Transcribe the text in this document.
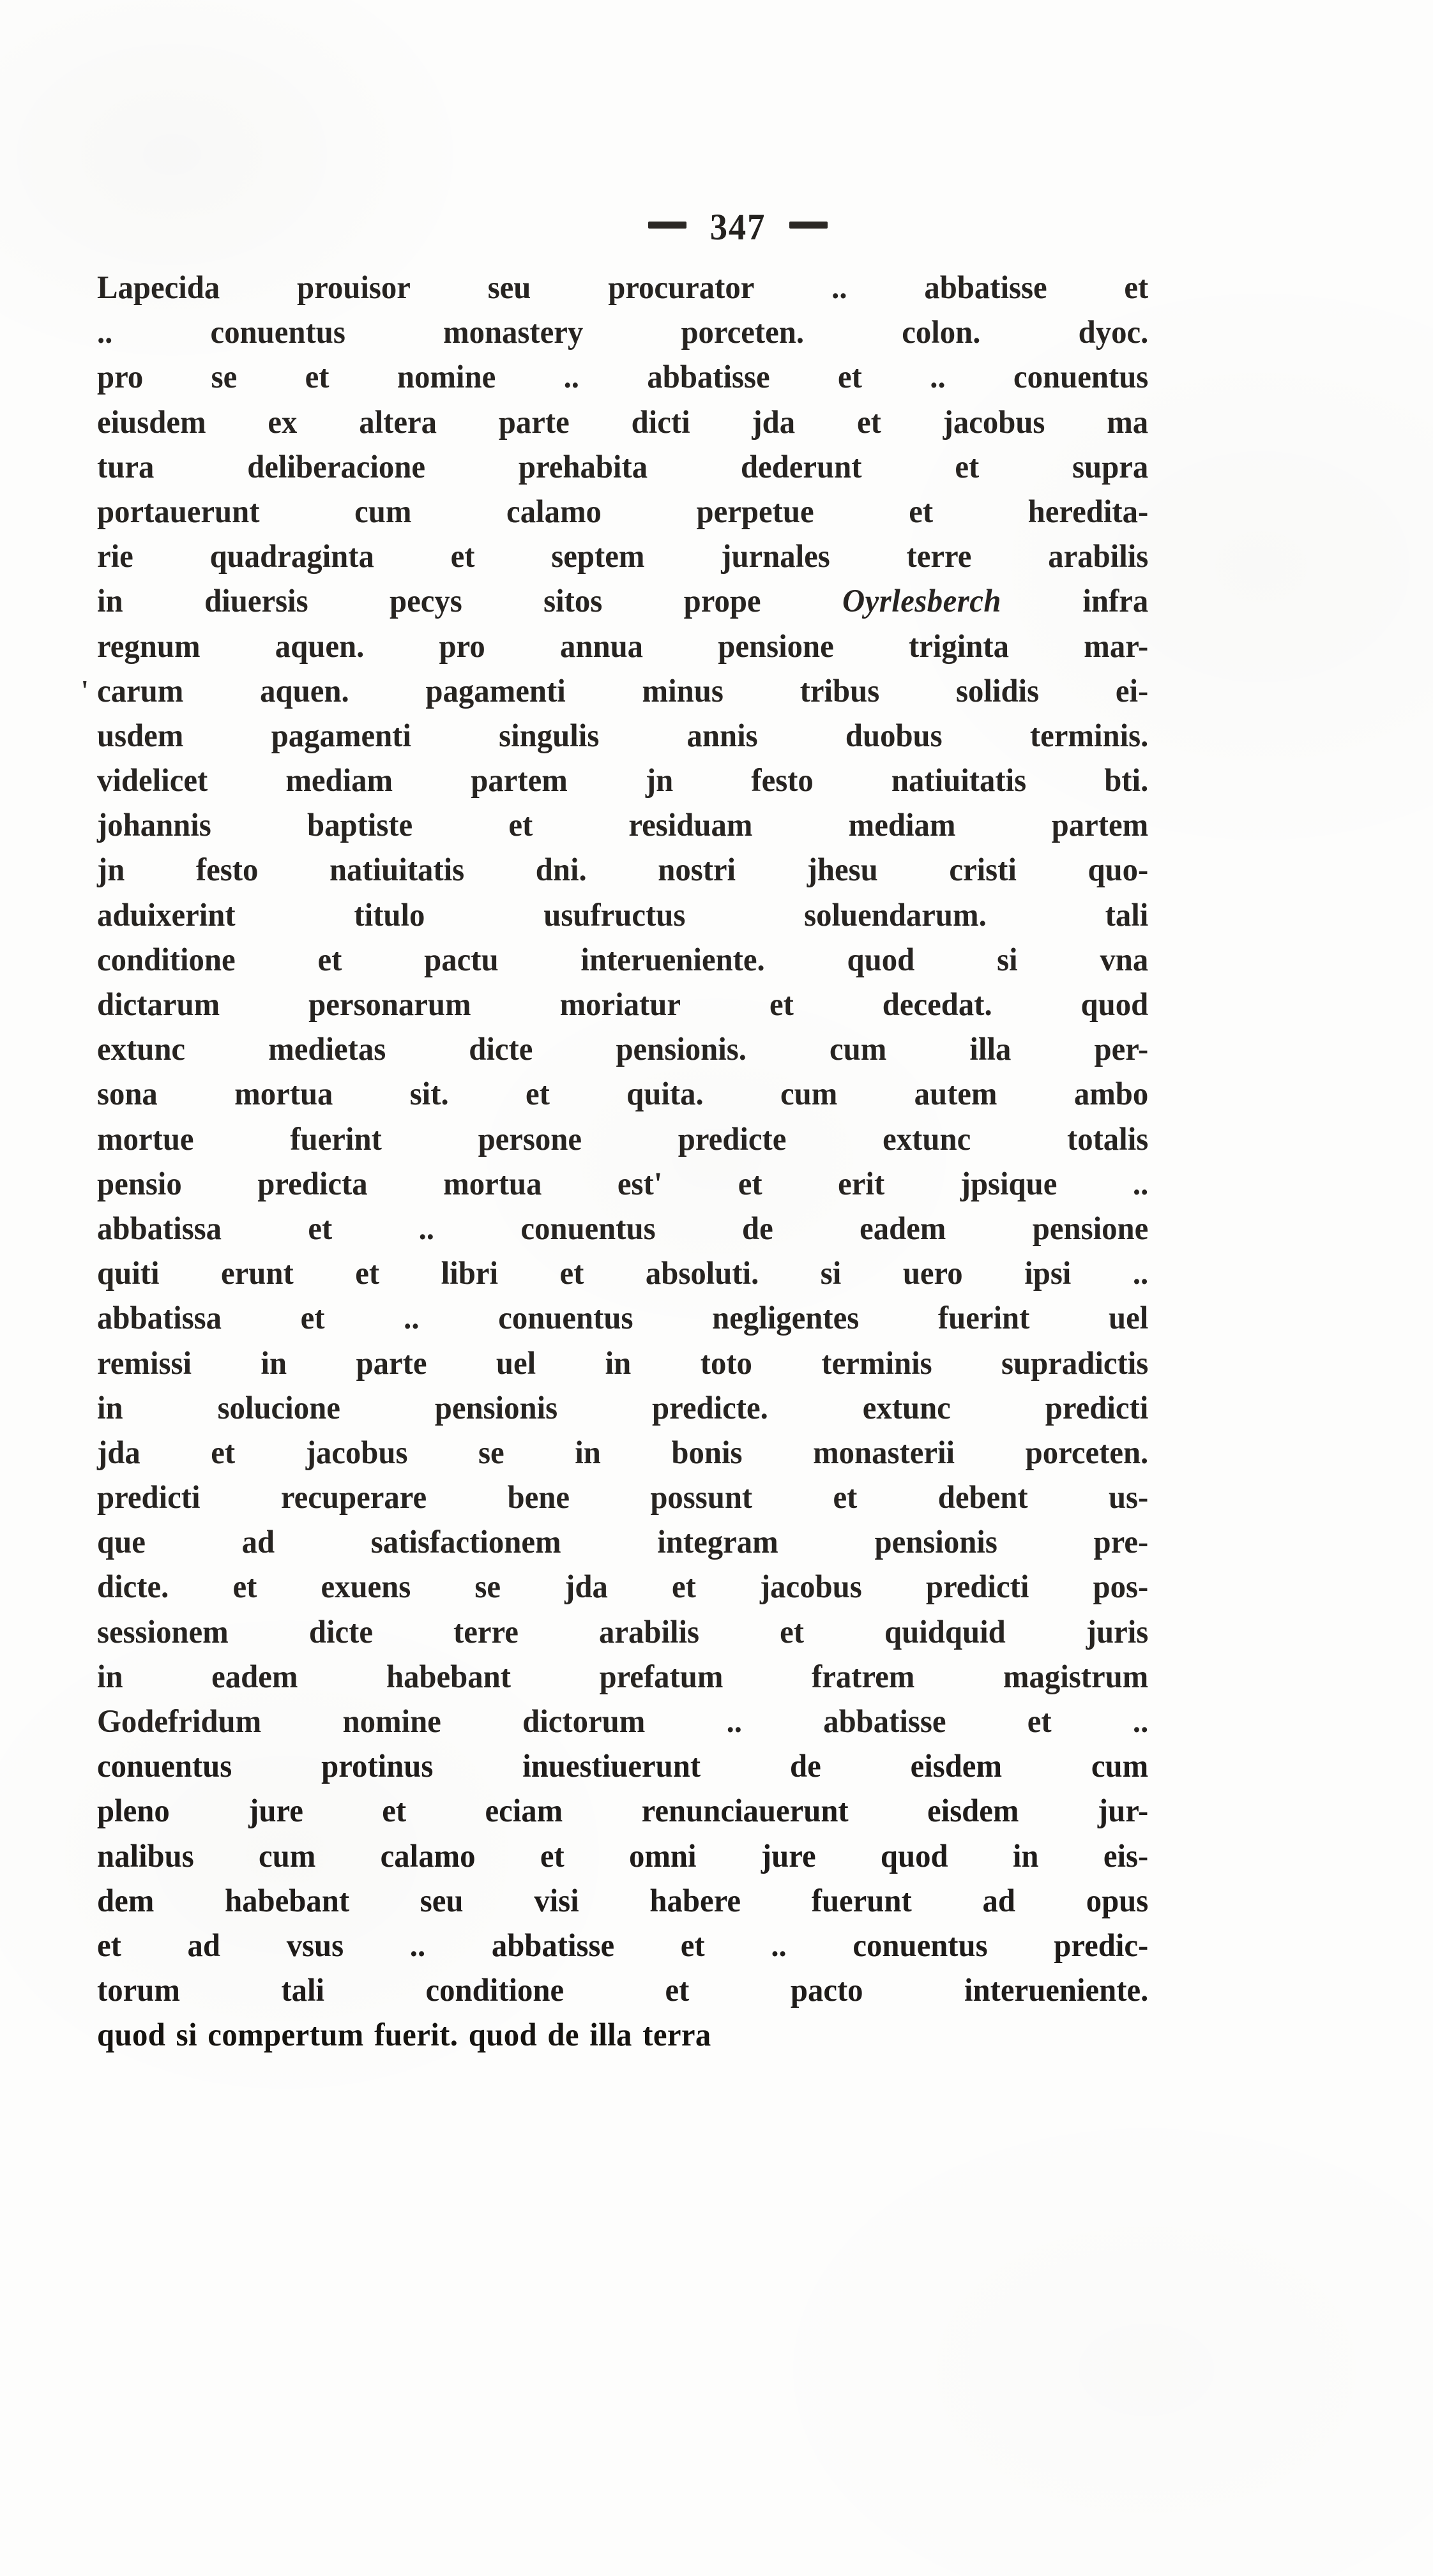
347

Lapecida prouisor seu procurator .. abbatisse et
..	conuentus	monastery	porceten.	colon.	dyoc.
pro se et nomine .. abbatisse et .. conuentus
eiusdem ex altera parte dicti jda et jacobus ma
tura	deliberacione	prehabita	dederunt	et	supra
portauerunt	cum	calamo	perpetue	et	hereditа-
rie quadraginta et septem jurnales terre arabilis
in	diuersis	pecys	sitos	prope	Oyrlesberch	infra
regnum aquen. pro annua pensione triginta mar-
' carum aquen. pagamenti minus tribus solidis ei-
usdem	pagamenti	singulis	annis	duobus	terminis.
videlicet mediam partem jn festo natiuitatis bti.
johannis	baptiste	et	residuam	mediam	partem
jn festo natiuitatis dni. nostri jhesu cristi quo-
aduixerint	titulo	usufructus	soluendarum.	tali
conditione	et	pactu	interueniente.	quod	si	vna
dictarum	personarum	moriatur	et	decedat.	quod
extunc	medietas	dicte	pensionis.	cum	illa	per-
sona mortua sit. et quita. cum autem ambo
mortue	fuerint	persone	predicte	extunc	totalis
pensio predicta mortua est' et erit jpsique ..
abbatissa	et	..	conuentus	de	eadem	pensione
quiti erunt et libri et absoluti. si uero ipsi ..
abbatissa et .. conuentus negligentes fuerint uel
remissi in parte uel in toto terminis supradictis
in	solucione	pensionis	predicte.	extunc	predicti
jda et jacobus se in bonis monasterii porceten.
predicti	recuperare	bene	possunt	et	debent	us-
que	ad	satisfactionem	integram	pensionis	pre-
dicte. et exuens se jda et jacobus predicti pos-
sessionem dicte terre arabilis et quidquid juris
in	eadem	habebant	prefatum	fratrem	magistrum
Godefridum	nomine	dictorum	..	abbatisse	et	..
conuentus	protinus	inuestiuerunt	de	eisdem	cum
pleno jure et eciam renunciauerunt eisdem jur-
nalibus cum calamo et omni jure quod in eis-
dem habebant seu visi habere fuerunt ad opus
et ad vsus .. abbatisse et .. conuentus predic-
torum	tali	conditione	et	pacto	interueniente.
quod si compertum fuerit. quod de illa terra
